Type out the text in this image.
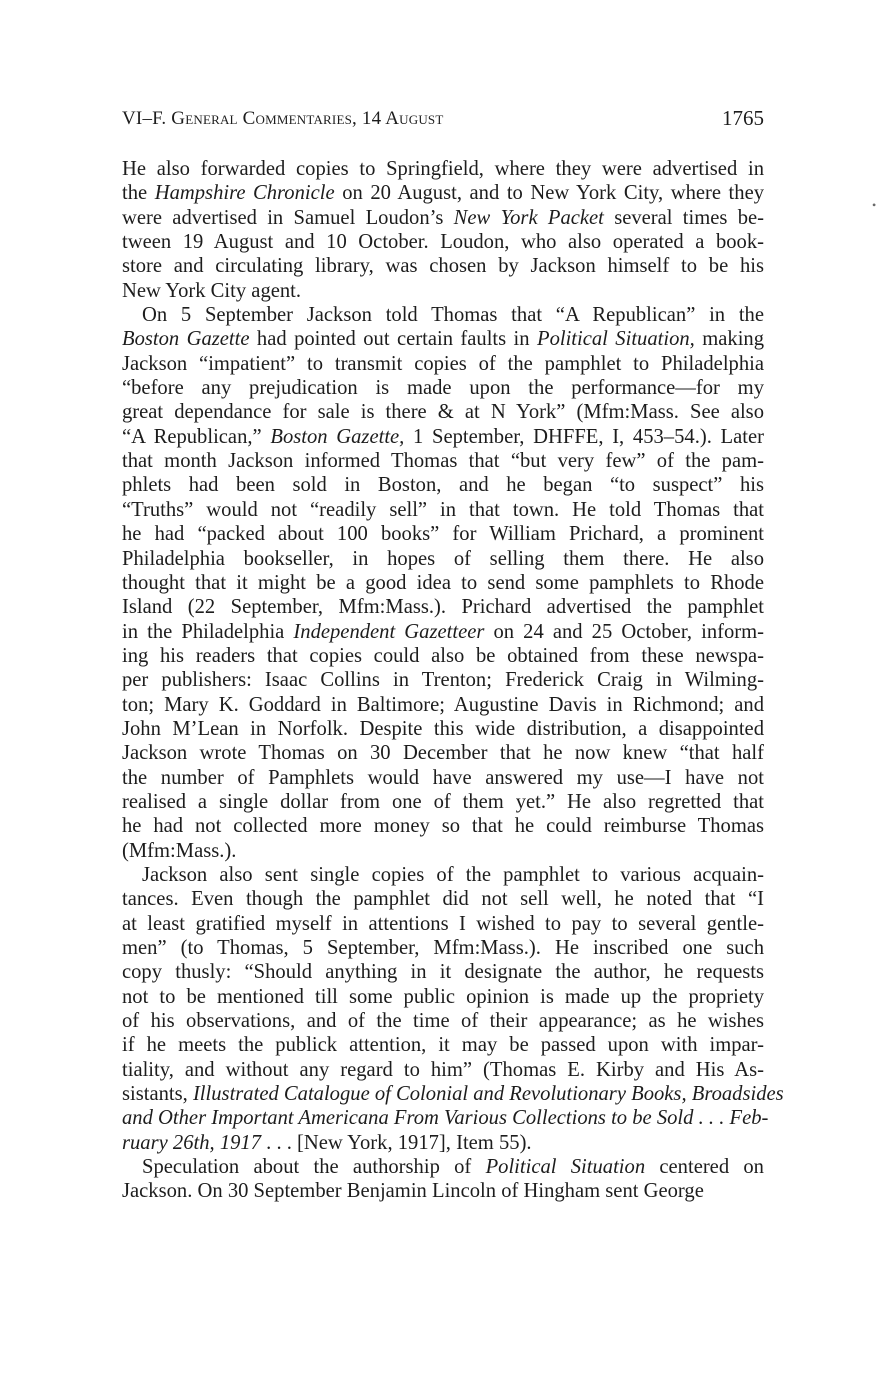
VI–F. General Commentaries, 14 August	1765
He also forwarded copies to Springfield, where they were advertised in
the Hampshire Chronicle on 20 August, and to New York City, where they
were advertised in Samuel Loudon’s New York Packet several times be-
tween 19 August and 10 October. Loudon, who also operated a book-
store and circulating library, was chosen by Jackson himself to be his
New York City agent.
On 5 September Jackson told Thomas that “A Republican” in the
Boston Gazette had pointed out certain faults in Political Situation, making
Jackson “impatient” to transmit copies of the pamphlet to Philadelphia
“before any prejudication is made upon the performance—for my
great dependance for sale is there & at N York” (Mfm:Mass. See also
“A Republican,” Boston Gazette, 1 September, DHFFE, I, 453–54.). Later
that month Jackson informed Thomas that “but very few” of the pam-
phlets had been sold in Boston, and he began “to suspect” his
“Truths” would not “readily sell” in that town. He told Thomas that
he had “packed about 100 books” for William Prichard, a prominent
Philadelphia bookseller, in hopes of selling them there. He also
thought that it might be a good idea to send some pamphlets to Rhode
Island (22 September, Mfm:Mass.). Prichard advertised the pamphlet
in the Philadelphia Independent Gazetteer on 24 and 25 October, inform-
ing his readers that copies could also be obtained from these newspa-
per publishers: Isaac Collins in Trenton; Frederick Craig in Wilming-
ton; Mary K. Goddard in Baltimore; Augustine Davis in Richmond; and
John M’Lean in Norfolk. Despite this wide distribution, a disappointed
Jackson wrote Thomas on 30 December that he now knew “that half
the number of Pamphlets would have answered my use—I have not
realised a single dollar from one of them yet.” He also regretted that
he had not collected more money so that he could reimburse Thomas
(Mfm:Mass.).
Jackson also sent single copies of the pamphlet to various acquain-
tances. Even though the pamphlet did not sell well, he noted that “I
at least gratified myself in attentions I wished to pay to several gentle-
men” (to Thomas, 5 September, Mfm:Mass.). He inscribed one such
copy thusly: “Should anything in it designate the author, he requests
not to be mentioned till some public opinion is made up the propriety
of his observations, and of the time of their appearance; as he wishes
if he meets the publick attention, it may be passed upon with impar-
tiality, and without any regard to him” (Thomas E. Kirby and His As-
sistants, Illustrated Catalogue of Colonial and Revolutionary Books, Broadsides
and Other Important Americana From Various Collections to be Sold . . . Feb-
ruary 26th, 1917 . . . [New York, 1917], Item 55).
Speculation about the authorship of Political Situation centered on
Jackson. On 30 September Benjamin Lincoln of Hingham sent George
•
